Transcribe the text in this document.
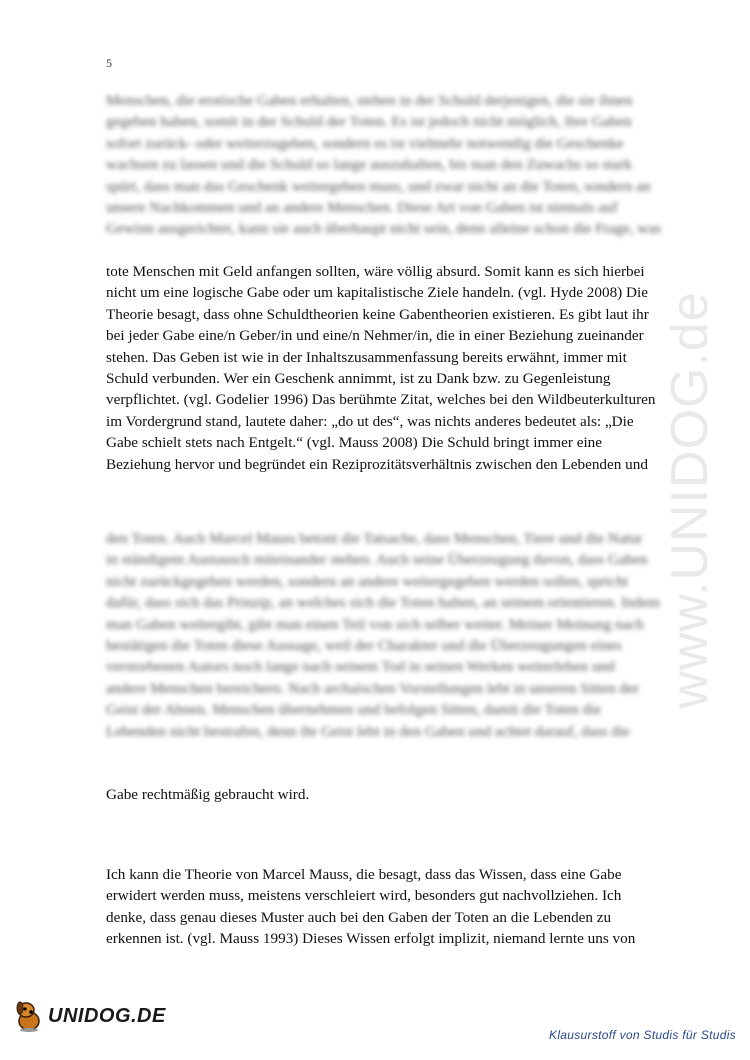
5
Menschen, die erotische Gaben erhalten, stehen in der Schuld derjenigen, die sie ihnen
gegeben haben, somit in der Schuld der Toten. Es ist jedoch nicht möglich, ihre Gaben
sofort zurück- oder weiterzugeben, sondern es ist vielmehr notwendig die Geschenke
wachsen zu lassen und die Schuld so lange auszuhalten, bis man den Zuwachs so stark
spürt, dass man das Geschenk weitergeben muss, und zwar nicht an die Toten, sondern an
unsere Nachkommen und an andere Menschen. Diese Art von Gaben ist niemals auf
Gewinn ausgerichtet, kann sie auch überhaupt nicht sein, denn alleine schon die Frage, was
tote Menschen mit Geld anfangen sollten, wäre völlig absurd. Somit kann es sich hierbei
nicht um eine logische Gabe oder um kapitalistische Ziele handeln. (vgl. Hyde 2008) Die
Theorie besagt, dass ohne Schuldtheorien keine Gabentheorien existieren. Es gibt laut ihr
bei jeder Gabe eine/n Geber/in und eine/n Nehmer/in, die in einer Beziehung zueinander
stehen. Das Geben ist wie in der Inhaltszusammenfassung bereits erwähnt, immer mit
Schuld verbunden. Wer ein Geschenk annimmt, ist zu Dank bzw. zu Gegenleistung
verpflichtet. (vgl. Godelier 1996) Das berühmte Zitat, welches bei den Wildbeuterkulturen
im Vordergrund stand, lautete daher: „do ut des“, was nichts anderes bedeutet als: „Die
Gabe schielt stets nach Entgelt.“ (vgl. Mauss 2008) Die Schuld bringt immer eine
Beziehung hervor und begründet ein Reziprozitätsverhältnis zwischen den Lebenden und
den Toten. Auch Marcel Mauss betont die Tatsache, dass Menschen, Tiere und die Natur
in ständigem Austausch miteinander stehen. Auch seine Überzeugung davon, dass Gaben
nicht zurückgegeben werden, sondern an andere weitergegeben werden sollen, spricht
dafür, dass sich das Prinzip, an welches sich die Toten halten, an seinem orientieren. Indem
man Gaben weitergibt, gibt man einen Teil von sich selber weiter. Meiner Meinung nach
bestätigen die Toten diese Aussage, weil der Charakter und die Überzeugungen eines
verstorbenen Autors noch lange nach seinem Tod in seinen Werken weiterleben und
andere Menschen bereichern. Nach archaischen Vorstellungen lebt in unseren Sitten der
Geist der Ahnen. Menschen übernehmen und befolgen Sitten, damit die Toten die
Lebenden nicht bestrafen, denn ihr Geist lebt in den Gaben und achtet darauf, dass die
Gabe rechtmäßig gebraucht wird.
Ich kann die Theorie von Marcel Mauss, die besagt, dass das Wissen, dass eine Gabe
erwidert werden muss, meistens verschleiert wird, besonders gut nachvollziehen. Ich
denke, dass genau dieses Muster auch bei den Gaben der Toten an die Lebenden zu
erkennen ist. (vgl. Mauss 1993) Dieses Wissen erfolgt implizit, niemand lernte uns von
www.UNIDOG.de
UNIDOG.DE
Klausurstoff von Studis für Studis
